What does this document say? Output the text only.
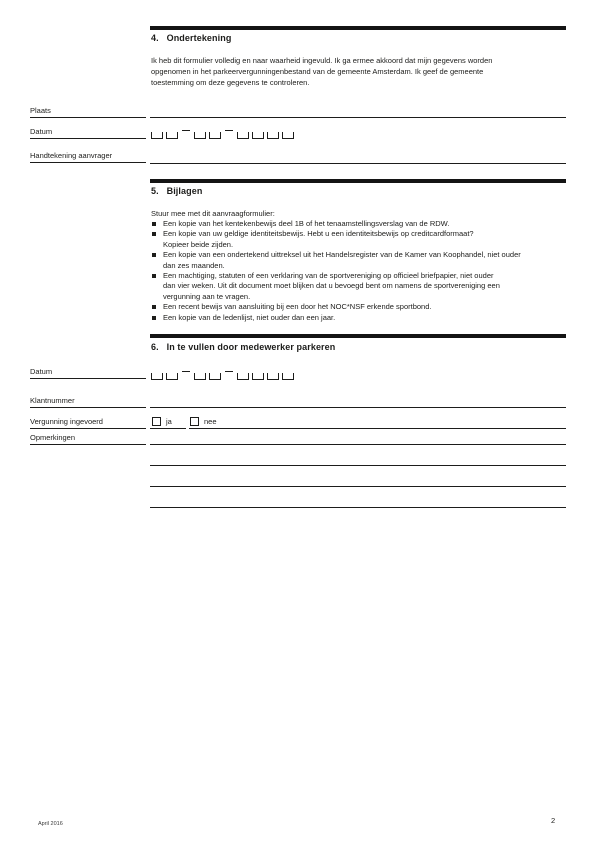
4. Ondertekening
Ik heb dit formulier volledig en naar waarheid ingevuld. Ik ga ermee akkoord dat mijn gegevens worden
opgenomen in het parkeervergunningenbestand van de gemeente Amsterdam. Ik geef de gemeente
toestemming om deze gegevens te controleren.
Plaats
Datum
Handtekening aanvrager
5. Bijlagen
Stuur mee met dit aanvraagformulier:
Een kopie van het kentekenbewijs deel 1B of het tenaamstellingsverslag van de RDW.
Een kopie van uw geldige identiteitsbewijs. Hebt u een identiteitsbewijs op creditcardformaat?
Kopieer beide zijden.
Een kopie van een ondertekend uittreksel uit het Handelsregister van de Kamer van Koophandel, niet ouder
dan zes maanden.
Een machtiging, statuten of een verklaring van de sportvereniging op officieel briefpapier, niet ouder
dan vier weken. Uit dit document moet blijken dat u bevoegd bent om namens de sportvereniging een
vergunning aan te vragen.
Een recent bewijs van aansluiting bij een door het NOC*NSF erkende sportbond.
Een kopie van de ledenlijst, niet ouder dan een jaar.
6. In te vullen door medewerker parkeren
Datum
Klantnummer
Vergunning ingevoerd	ja	nee
Opmerkingen
April 2016	2
